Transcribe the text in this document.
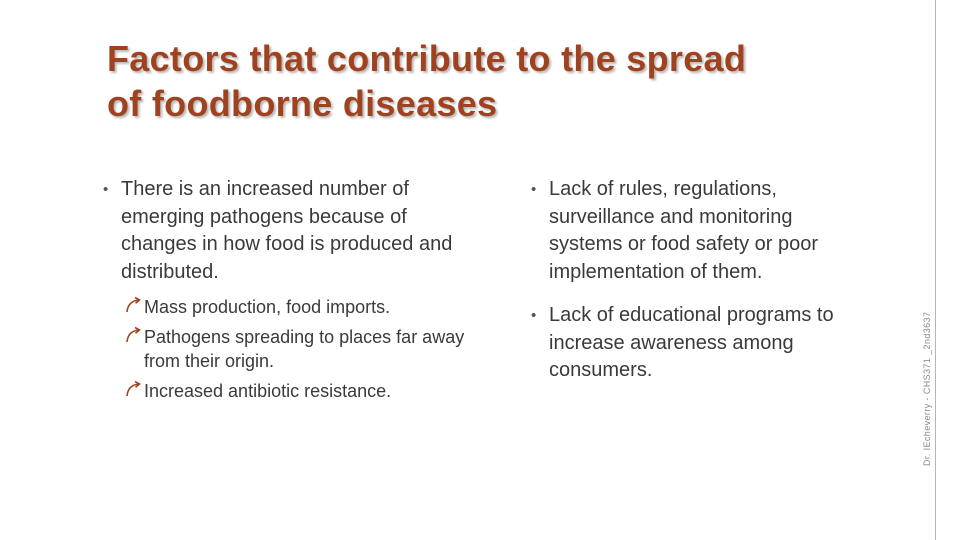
Factors that contribute to the spread
of foodborne diseases

• There is an increased number of emerging pathogens because of changes in how food is produced and distributed.

Mass production, food imports.
Pathogens spreading to places far away from their origin.
Increased antibiotic resistance.

• Lack of rules, regulations, surveillance and monitoring systems or food safety or poor implementation of them.

• Lack of educational programs to increase awareness among consumers.	Dr. IEcheverry - CHS371 _2nd3637
